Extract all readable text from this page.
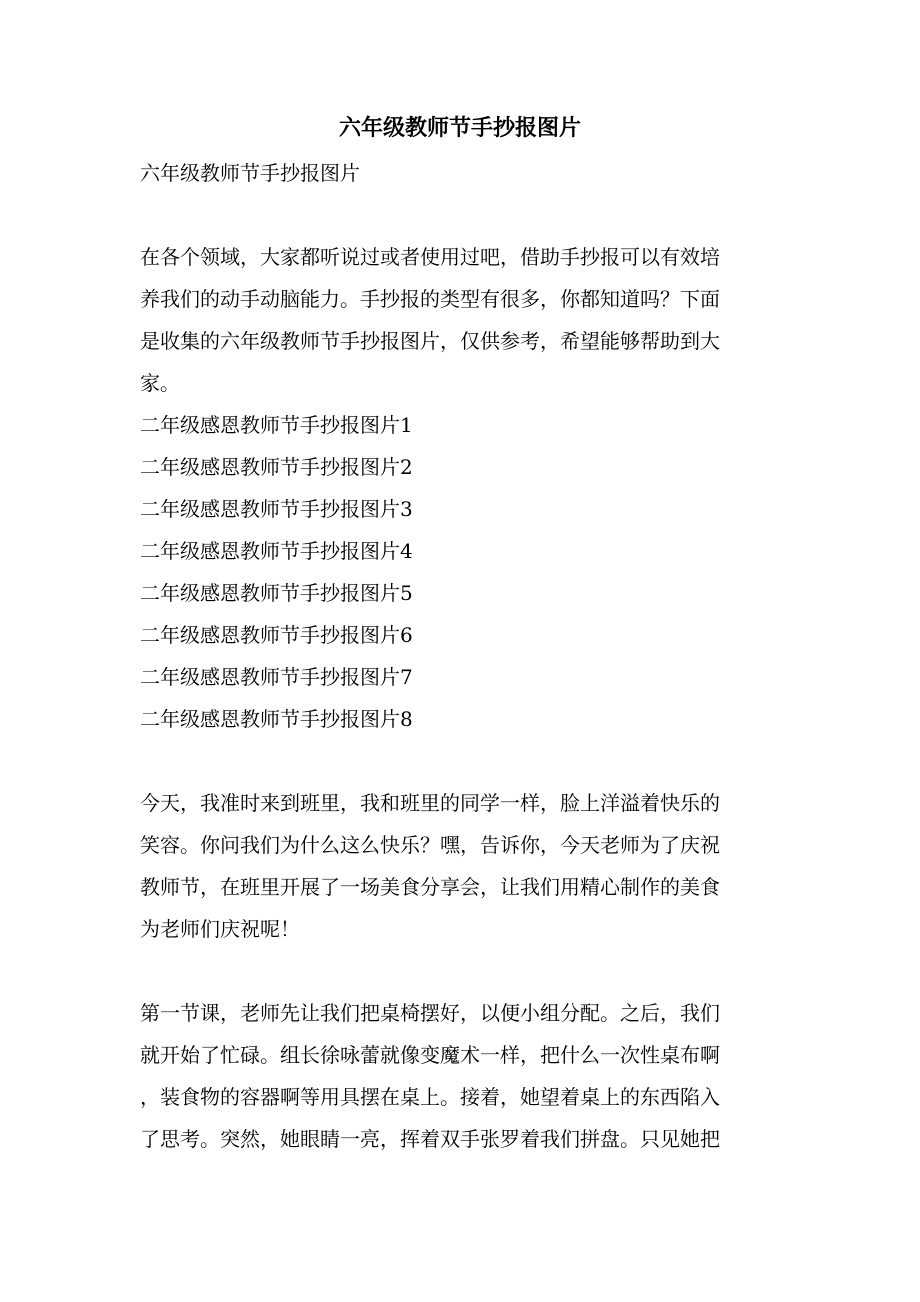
六年级教师节手抄报图片
六年级教师节手抄报图片

在各个领域，大家都听说过或者使用过吧，借助手抄报可以有效培
养我们的动手动脑能力。手抄报的类型有很多，你都知道吗？下面
是收集的六年级教师节手抄报图片，仅供参考，希望能够帮助到大
家。

二年级感恩教师节手抄报图片1
二年级感恩教师节手抄报图片2
二年级感恩教师节手抄报图片3
二年级感恩教师节手抄报图片4
二年级感恩教师节手抄报图片5
二年级感恩教师节手抄报图片6
二年级感恩教师节手抄报图片7
二年级感恩教师节手抄报图片8

今天，我准时来到班里，我和班里的同学一样，脸上洋溢着快乐的
笑容。你问我们为什么这么快乐？嘿，告诉你，今天老师为了庆祝
教师节，在班里开展了一场美食分享会，让我们用精心制作的美食
为老师们庆祝呢！

第一节课，老师先让我们把桌椅摆好，以便小组分配。之后，我们
就开始了忙碌。组长徐咏蕾就像变魔术一样，把什么一次性桌布啊
，装食物的容器啊等用具摆在桌上。接着，她望着桌上的东西陷入
了思考。突然，她眼睛一亮，挥着双手张罗着我们拼盘。只见她把
